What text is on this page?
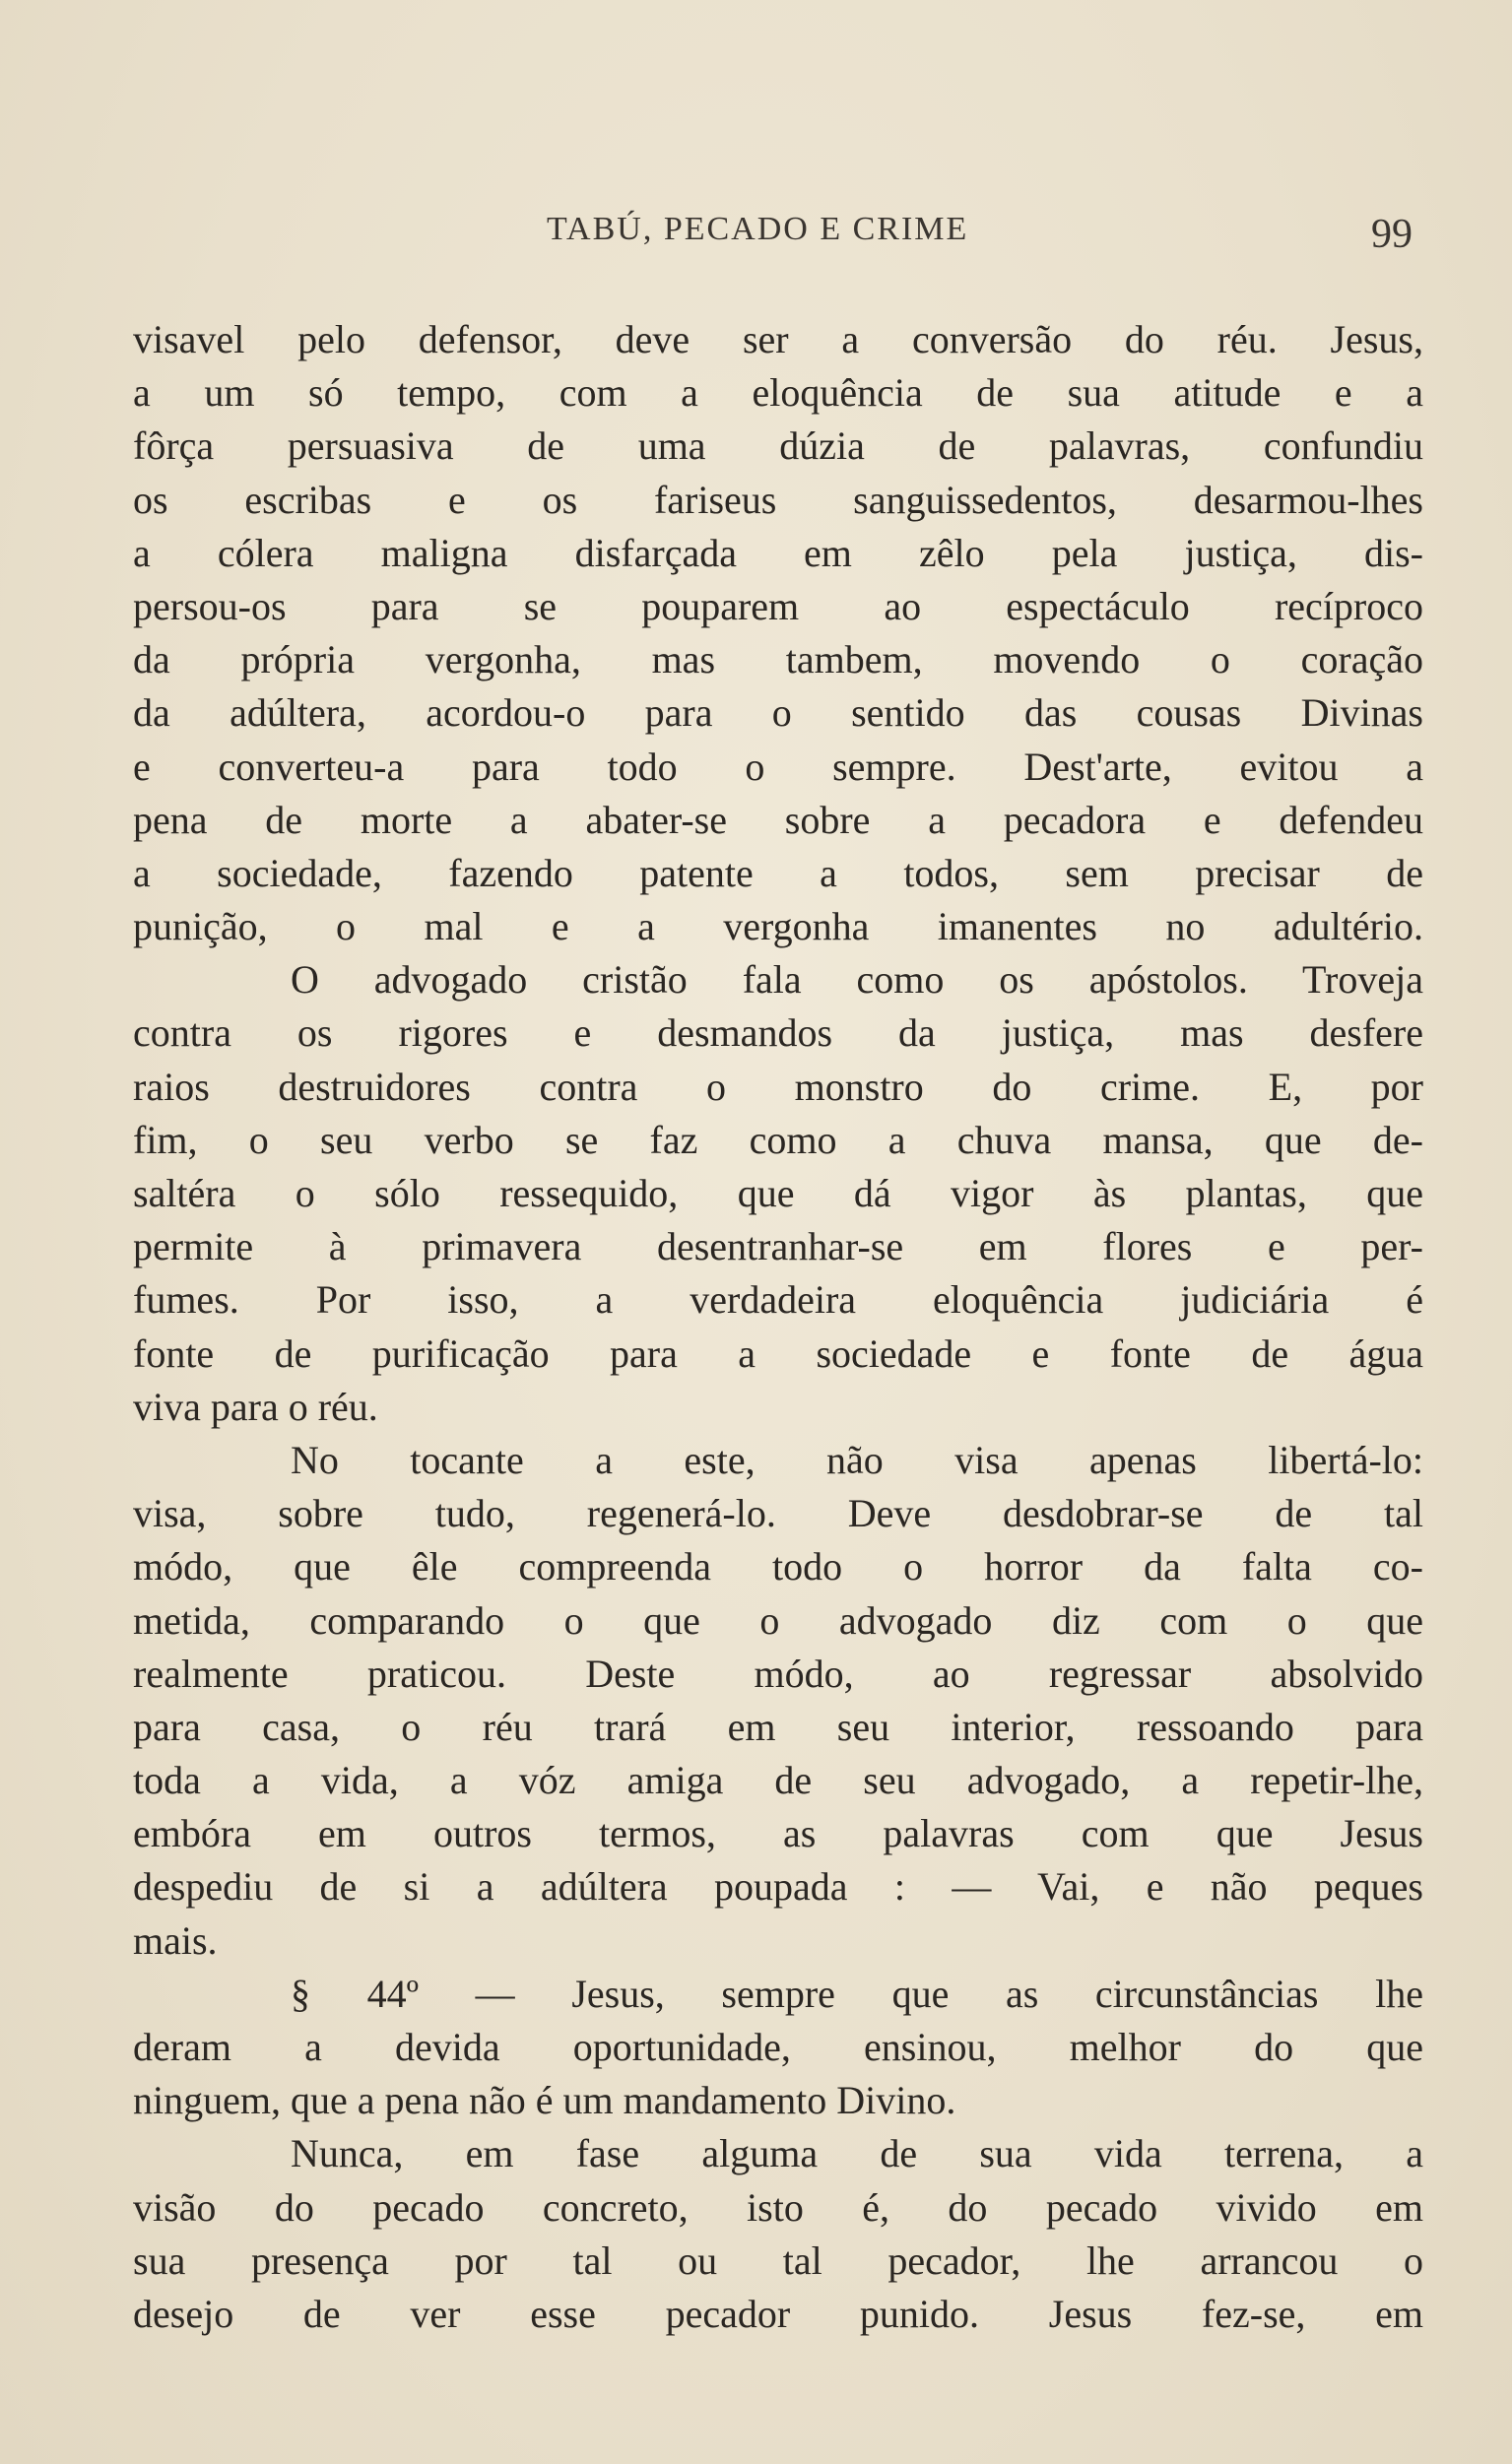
TABÚ, PECADO E CRIME	99
visavel pelo defensor, deve ser a conversão do réu. Jesus,
a um só tempo, com a eloquência de sua atitude e a
fôrça persuasiva de uma dúzia de palavras, confundiu
os escribas e os fariseus sanguissedentos, desarmou-lhes
a cólera maligna disfarçada em zêlo pela justiça, dis-
persou-os para se pouparem ao espectáculo recíproco
da própria vergonha, mas tambem, movendo o coração
da adúltera, acordou-o para o sentido das cousas Divinas
e converteu-a para todo o sempre. Dest'arte, evitou a
pena de morte a abater-se sobre a pecadora e defendeu
a sociedade, fazendo patente a todos, sem precisar de
punição, o mal e a vergonha imanentes no adultério.
O advogado cristão fala como os apóstolos. Troveja
contra os rigores e desmandos da justiça, mas desfere
raios destruidores contra o monstro do crime. E, por
fim, o seu verbo se faz como a chuva mansa, que de-
saltéra o sólo ressequido, que dá vigor às plantas, que
permite à primavera desentranhar-se em flores e per-
fumes. Por isso, a verdadeira eloquência judiciária é
fonte de purificação para a sociedade e fonte de água
viva para o réu.
No tocante a este, não visa apenas libertá-lo:
visa, sobre tudo, regenerá-lo. Deve desdobrar-se de tal
módo, que êle compreenda todo o horror da falta co-
metida, comparando o que o advogado diz com o que
realmente praticou. Deste módo, ao regressar absolvido
para casa, o réu trará em seu interior, ressoando para
toda a vida, a vóz amiga de seu advogado, a repetir-lhe,
embóra em outros termos, as palavras com que Jesus
despediu de si a adúltera poupada : — Vai, e não peques
mais.
§ 44º — Jesus, sempre que as circunstâncias lhe
deram a devida oportunidade, ensinou, melhor do que
ninguem, que a pena não é um mandamento Divino.
Nunca, em fase alguma de sua vida terrena, a
visão do pecado concreto, isto é, do pecado vivido em
sua presença por tal ou tal pecador, lhe arrancou o
desejo de ver esse pecador punido. Jesus fez-se, em
